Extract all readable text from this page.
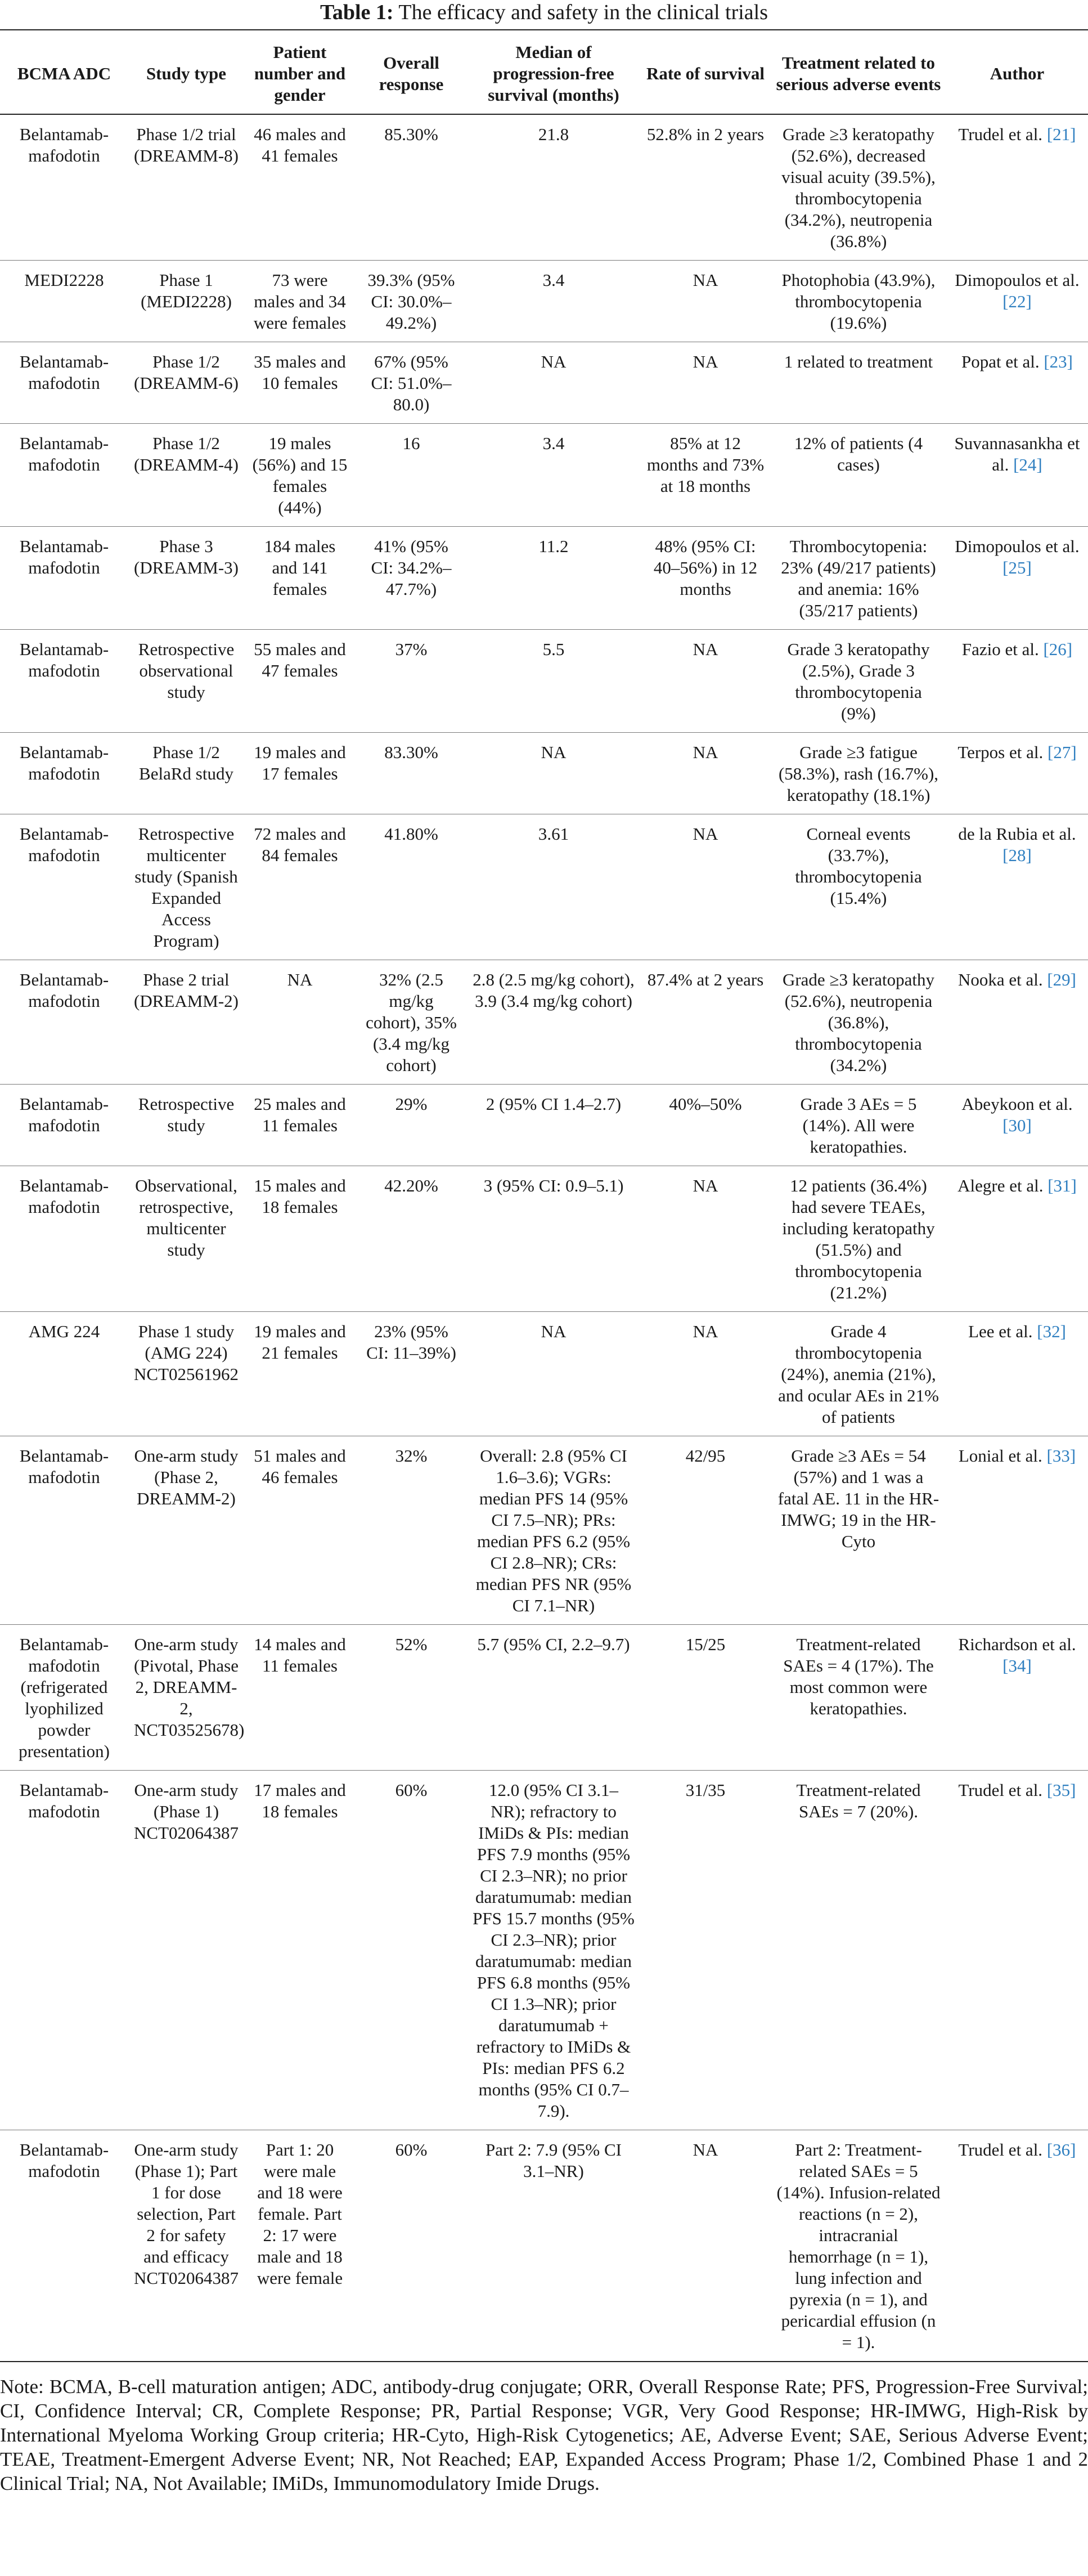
Table 1: The efficacy and safety in the clinical trials
BCMA ADC	Study type	Patient number and gender	Overall response	Median of progression-free survival (months)	Rate of survival	Treatment related to serious adverse events	Author
Belantamab-mafodotin	Phase 1/2 trial (DREAMM-8)	46 males and 41 females	85.30%	21.8	52.8% in 2 years	Grade ≥3 keratopathy (52.6%), decreased visual acuity (39.5%), thrombocytopenia (34.2%), neutropenia (36.8%)	Trudel et al. [21]
MEDI2228	Phase 1 (MEDI2228)	73 were males and 34 were females	39.3% (95% CI: 30.0%–49.2%)	3.4	NA	Photophobia (43.9%), thrombocytopenia (19.6%)	Dimopoulos et al. [22]
Belantamab-mafodotin	Phase 1/2 (DREAMM-6)	35 males and 10 females	67% (95% CI: 51.0%–80.0)	NA	NA	1 related to treatment	Popat et al. [23]
Belantamab-mafodotin	Phase 1/2 (DREAMM-4)	19 males (56%) and 15 females (44%)	16	3.4	85% at 12 months and 73% at 18 months	12% of patients (4 cases)	Suvannasankha et al. [24]
Belantamab-mafodotin	Phase 3 (DREAMM-3)	184 males and 141 females	41% (95% CI: 34.2%–47.7%)	11.2	48% (95% CI: 40–56%) in 12 months	Thrombocytopenia: 23% (49/217 patients) and anemia: 16% (35/217 patients)	Dimopoulos et al. [25]
Belantamab-mafodotin	Retrospective observational study	55 males and 47 females	37%	5.5	NA	Grade 3 keratopathy (2.5%), Grade 3 thrombocytopenia (9%)	Fazio et al. [26]
Belantamab-mafodotin	Phase 1/2 BelaRd study	19 males and 17 females	83.30%	NA	NA	Grade ≥3 fatigue (58.3%), rash (16.7%), keratopathy (18.1%)	Terpos et al. [27]
Belantamab-mafodotin	Retrospective multicenter study (Spanish Expanded Access Program)	72 males and 84 females	41.80%	3.61	NA	Corneal events (33.7%), thrombocytopenia (15.4%)	de la Rubia et al. [28]
Belantamab-mafodotin	Phase 2 trial (DREAMM-2)	NA	32% (2.5 mg/kg cohort), 35% (3.4 mg/kg cohort)	2.8 (2.5 mg/kg cohort), 3.9 (3.4 mg/kg cohort)	87.4% at 2 years	Grade ≥3 keratopathy (52.6%), neutropenia (36.8%), thrombocytopenia (34.2%)	Nooka et al. [29]
Belantamab-mafodotin	Retrospective study	25 males and 11 females	29%	2 (95% CI 1.4–2.7)	40%–50%	Grade 3 AEs = 5 (14%). All were keratopathies.	Abeykoon et al. [30]
Belantamab-mafodotin	Observational, retrospective, multicenter study	15 males and 18 females	42.20%	3 (95% CI: 0.9–5.1)	NA	12 patients (36.4%) had severe TEAEs, including keratopathy (51.5%) and thrombocytopenia (21.2%)	Alegre et al. [31]
AMG 224	Phase 1 study (AMG 224) NCT02561962	19 males and 21 females	23% (95% CI: 11–39%)	NA	NA	Grade 4 thrombocytopenia (24%), anemia (21%), and ocular AEs in 21% of patients	Lee et al. [32]
Belantamab-mafodotin	One-arm study (Phase 2, DREAMM-2)	51 males and 46 females	32%	Overall: 2.8 (95% CI 1.6–3.6); VGRs: median PFS 14 (95% CI 7.5–NR); PRs: median PFS 6.2 (95% CI 2.8–NR); CRs: median PFS NR (95% CI 7.1–NR)	42/95	Grade ≥3 AEs = 54 (57%) and 1 was a fatal AE. 11 in the HR-IMWG; 19 in the HR-Cyto	Lonial et al. [33]
Belantamab-mafodotin (refrigerated lyophilized powder presentation)	One-arm study (Pivotal, Phase 2, DREAMM-2, NCT03525678)	14 males and 11 females	52%	5.7 (95% CI, 2.2–9.7)	15/25	Treatment-related SAEs = 4 (17%). The most common were keratopathies.	Richardson et al. [34]
Belantamab-mafodotin	One-arm study (Phase 1) NCT02064387	17 males and 18 females	60%	12.0 (95% CI 3.1–NR); refractory to IMiDs & PIs: median PFS 7.9 months (95% CI 2.3–NR); no prior daratumumab: median PFS 15.7 months (95% CI 2.3–NR); prior daratumumab: median PFS 6.8 months (95% CI 1.3–NR); prior daratumumab + refractory to IMiDs & PIs: median PFS 6.2 months (95% CI 0.7–7.9).	31/35	Treatment-related SAEs = 7 (20%).	Trudel et al. [35]
Belantamab-mafodotin	One-arm study (Phase 1); Part 1 for dose selection, Part 2 for safety and efficacy NCT02064387	Part 1: 20 were male and 18 were female. Part 2: 17 were male and 18 were female	60%	Part 2: 7.9 (95% CI 3.1–NR)	NA	Part 2: Treatment-related SAEs = 5 (14%). Infusion-related reactions (n = 2), intracranial hemorrhage (n = 1), lung infection and pyrexia (n = 1), and pericardial effusion (n = 1).	Trudel et al. [36]
Note: BCMA, B-cell maturation antigen; ADC, antibody-drug conjugate; ORR, Overall Response Rate; PFS, Progression-Free Survival; CI, Confidence Interval; CR, Complete Response; PR, Partial Response; VGR, Very Good Response; HR-IMWG, High-Risk by International Myeloma Working Group criteria; HR-Cyto, High-Risk Cytogenetics; AE, Adverse Event; SAE, Serious Adverse Event; TEAE, Treatment-Emergent Adverse Event; NR, Not Reached; EAP, Expanded Access Program; Phase 1/2, Combined Phase 1 and 2 Clinical Trial; NA, Not Available; IMiDs, Immunomodulatory Imide Drugs.
